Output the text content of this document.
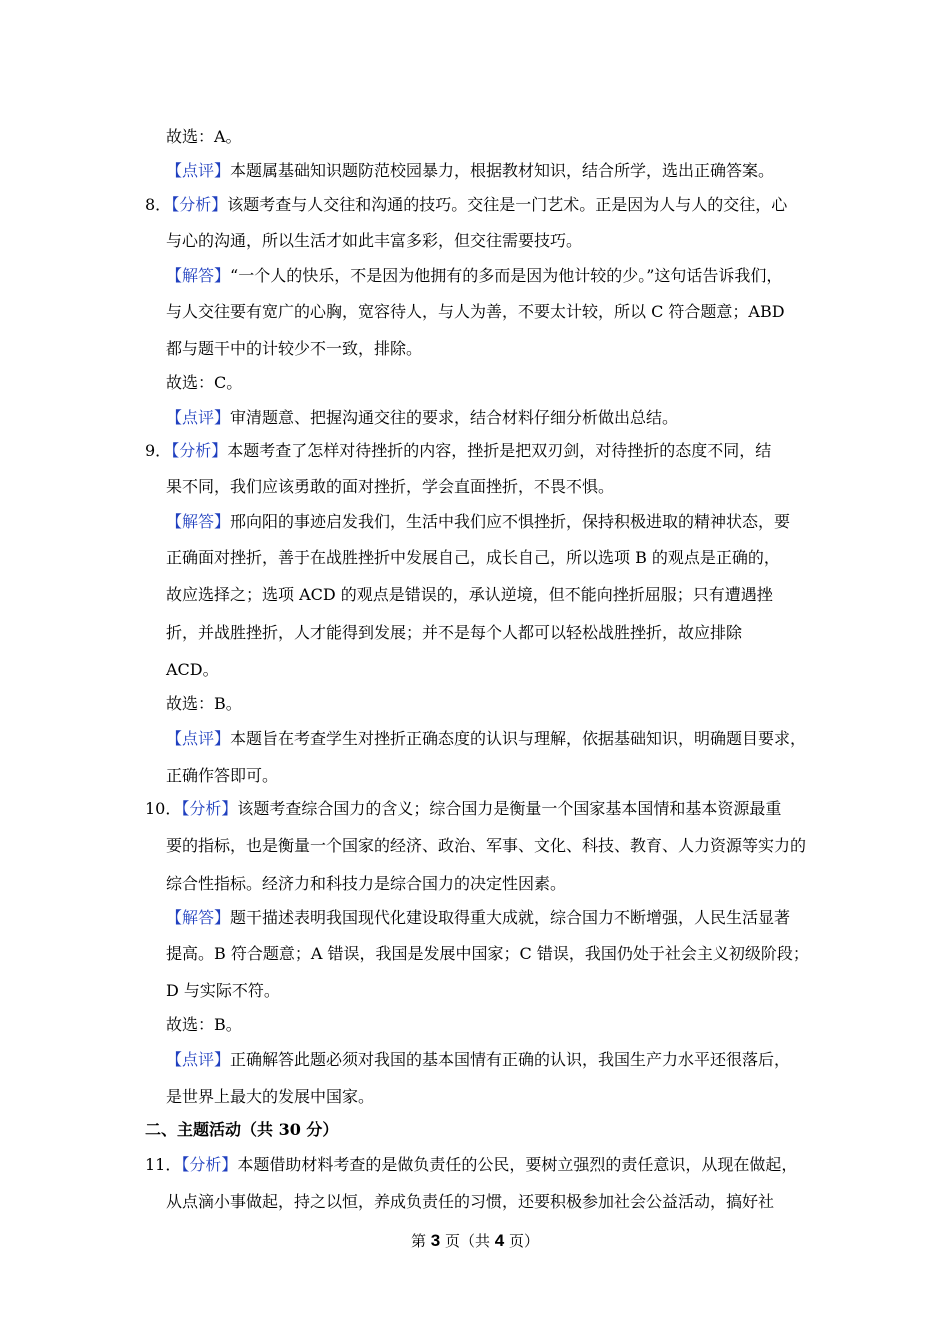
故选：A。
【点评】本题属基础知识题防范校园暴力，根据教材知识，结合所学，选出正确答案。
8．【分析】该题考查与人交往和沟通的技巧。交往是一门艺术。正是因为人与人的交往，心
与心的沟通，所以生活才如此丰富多彩，但交往需要技巧。
【解答】“一个人的快乐，不是因为他拥有的多而是因为他计较的少。”这句话告诉我们，
与人交往要有宽广的心胸，宽容待人，与人为善，不要太计较，所以 C 符合题意；ABD
都与题干中的计较少不一致，排除。
故选：C。
【点评】审清题意、把握沟通交往的要求，结合材料仔细分析做出总结。
9．【分析】本题考查了怎样对待挫折的内容，挫折是把双刃剑，对待挫折的态度不同，结
果不同，我们应该勇敢的面对挫折，学会直面挫折，不畏不惧。
【解答】邢向阳的事迹启发我们，生活中我们应不惧挫折，保持积极进取的精神状态，要
正确面对挫折，善于在战胜挫折中发展自己，成长自己，所以选项 B 的观点是正确的，
故应选择之；选项 ACD 的观点是错误的，承认逆境，但不能向挫折屈服；只有遭遇挫
折，并战胜挫折，人才能得到发展；并不是每个人都可以轻松战胜挫折，故应排除
ACD。
故选：B。
【点评】本题旨在考查学生对挫折正确态度的认识与理解，依据基础知识，明确题目要求，
正确作答即可。
10．【分析】该题考查综合国力的含义；综合国力是衡量一个国家基本国情和基本资源最重
要的指标，也是衡量一个国家的经济、政治、军事、文化、科技、教育、人力资源等实力的
综合性指标。经济力和科技力是综合国力的决定性因素。
【解答】题干描述表明我国现代化建设取得重大成就，综合国力不断增强，人民生活显著
提高。B 符合题意；A 错误，我国是发展中国家；C 错误，我国仍处于社会主义初级阶段；
D 与实际不符。
故选：B。
【点评】正确解答此题必须对我国的基本国情有正确的认识，我国生产力水平还很落后，
是世界上最大的发展中国家。
二、主题活动（共 30 分）
11．【分析】本题借助材料考查的是做负责任的公民，要树立强烈的责任意识，从现在做起，
从点滴小事做起，持之以恒，养成负责任的习惯，还要积极参加社会公益活动，搞好社
第 3 页（共 4 页）
